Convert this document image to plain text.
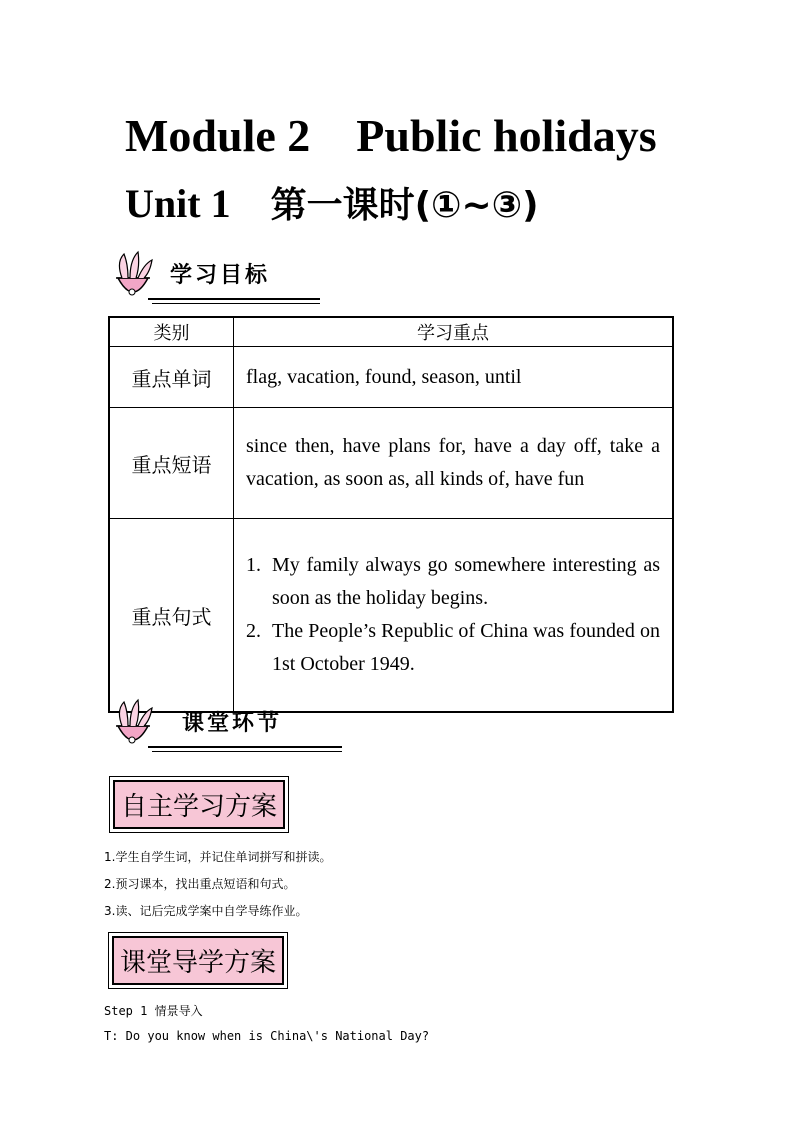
Module 2 Public holidays
Unit 1 第一课时(①~③)
学习目标
类别	学习重点
重点单词	flag, vacation, found, season, until
重点短语	since then, have plans for, have a day off, take a vacation, as soon as, all kinds of, have fun
重点句式	1. My family always go somewhere interesting as soon as the holiday begins.
2. The People’s Republic of China was founded on 1st October 1949.
课堂环节
自主学习方案
1.学生自学生词，并记住单词拼写和拼读。
2.预习课本，找出重点短语和句式。
3.读、记后完成学案中自学导练作业。
课堂导学方案
Step 1 情景导入
T: Do you know when is China\'s National Day?
